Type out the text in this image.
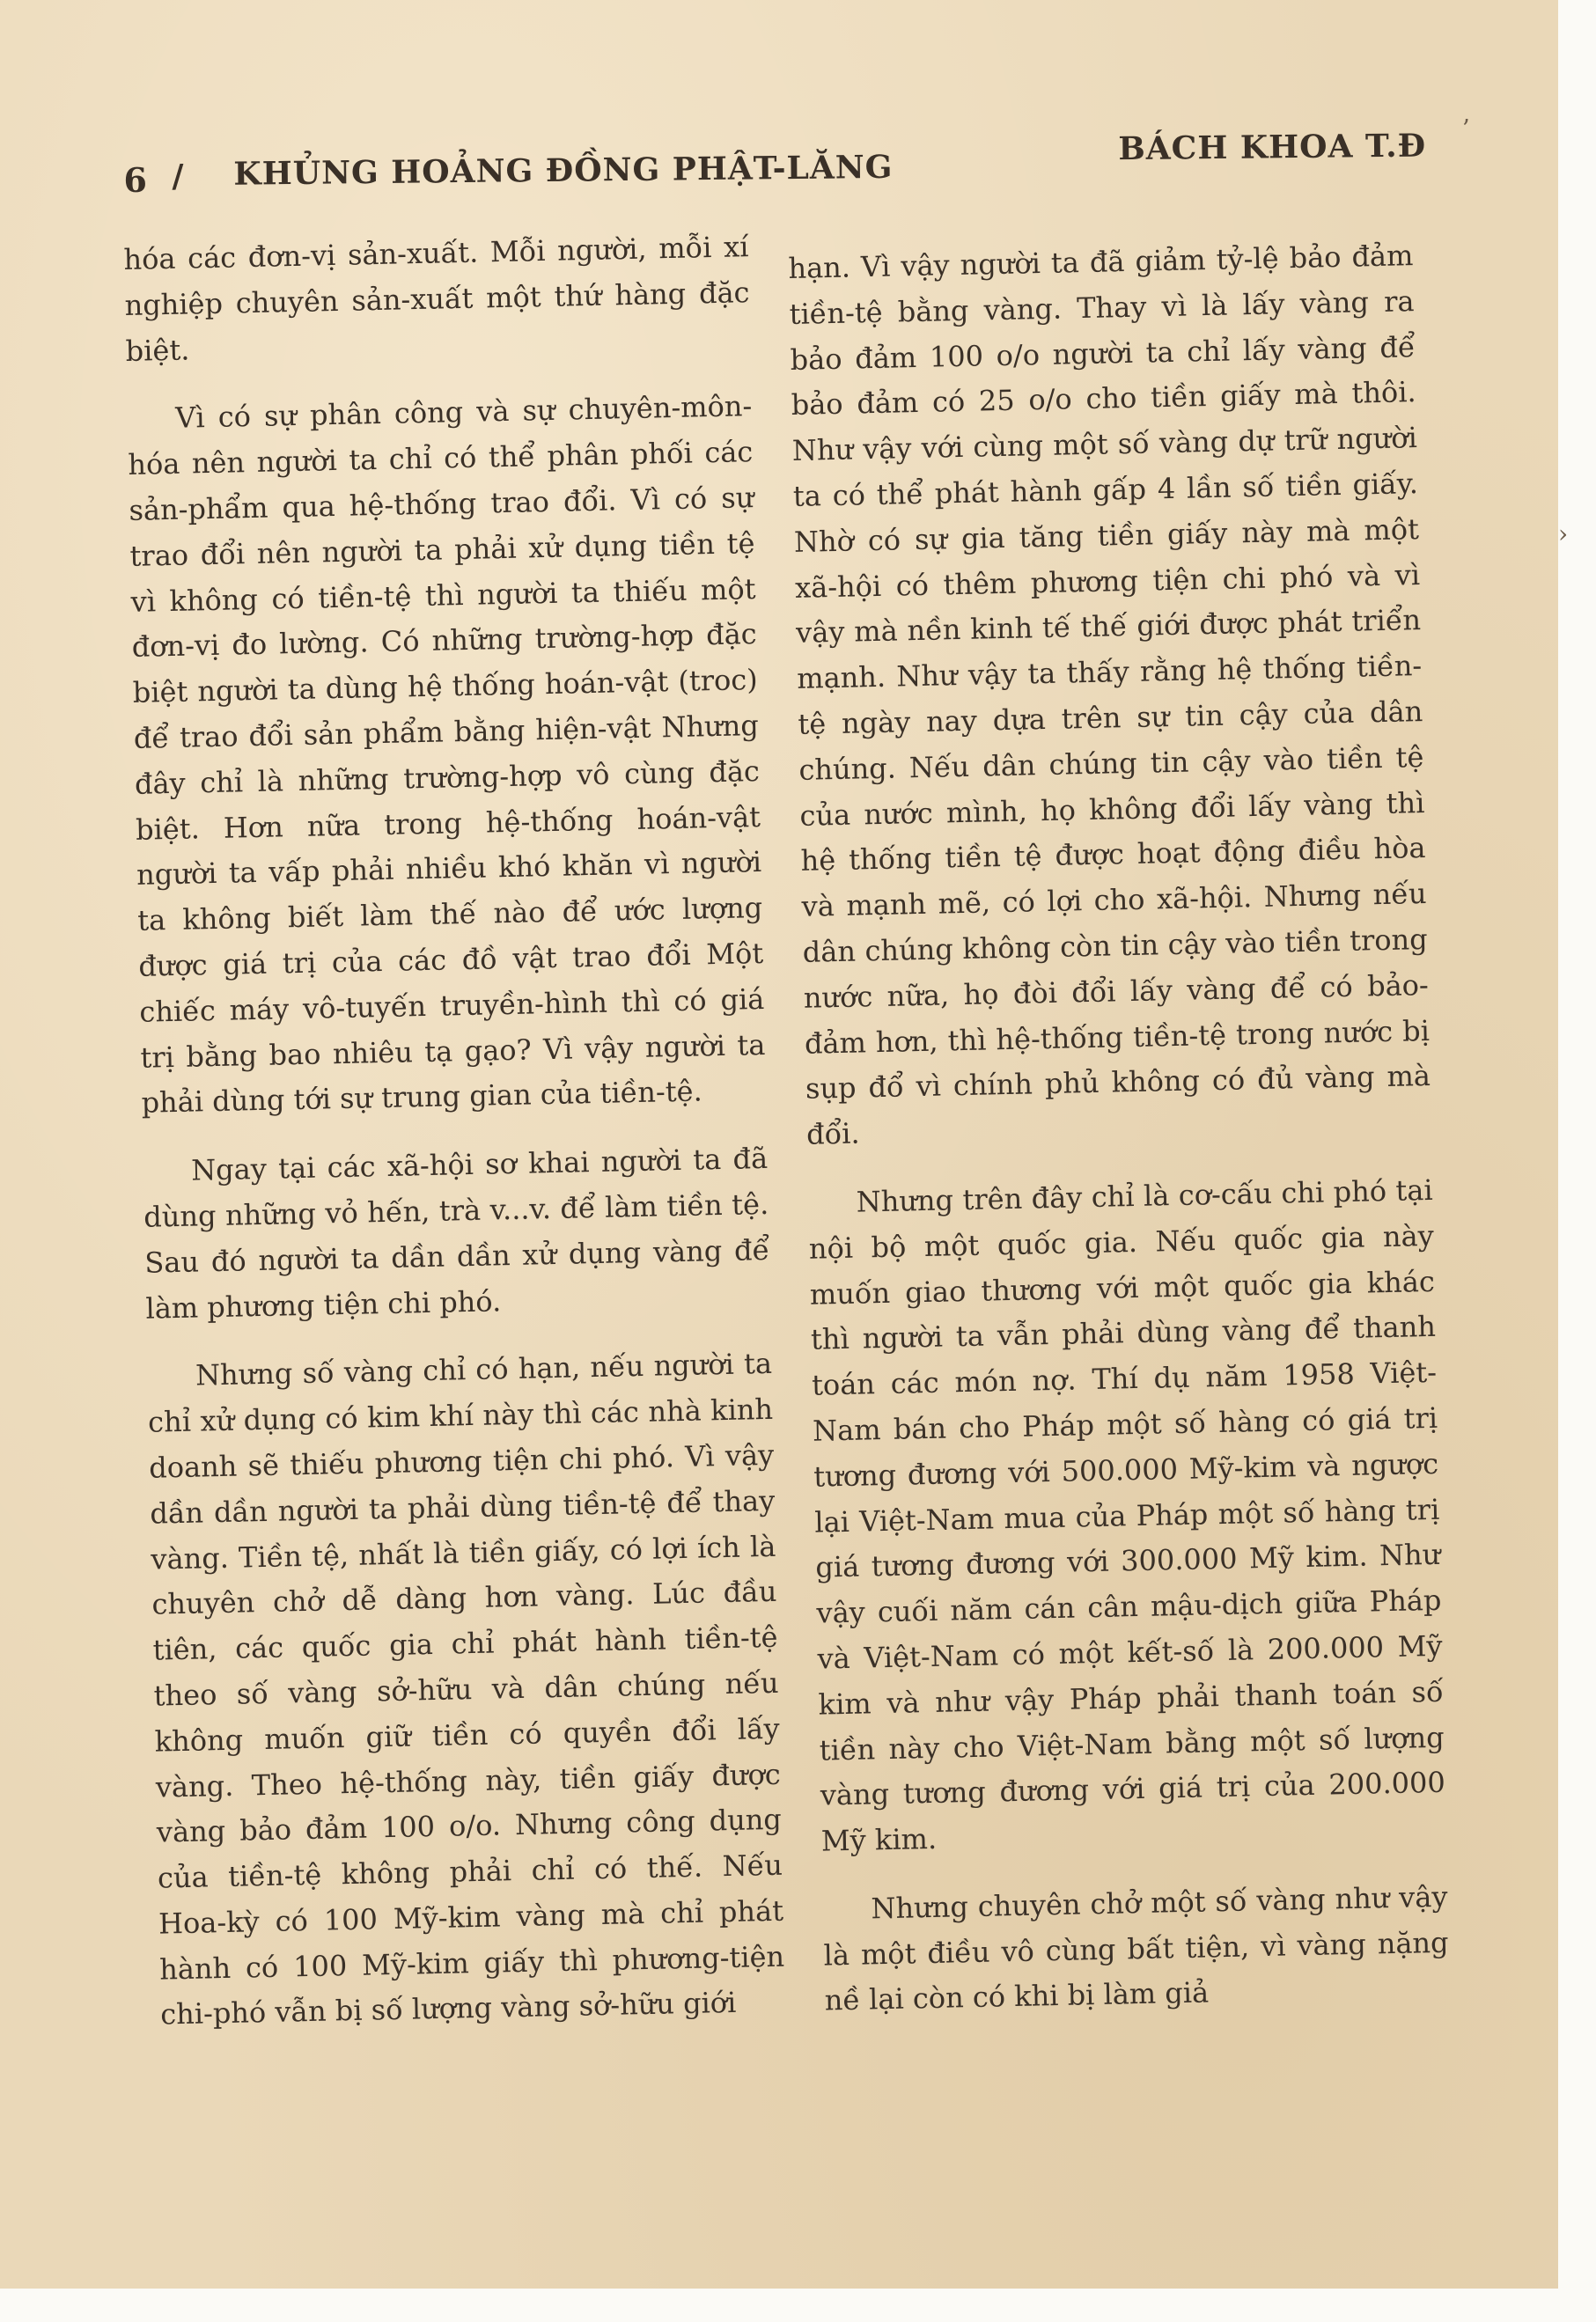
6 / KHỦNG HOẢNG ĐỒNG PHẬT-LĂNG
BÁCH KHOA T.Đ

hóa các đơn-vị sản-xuất. Mỗi người, mỗi xí nghiệp chuyên sản-xuất một thứ hàng đặc biệt.

Vì có sự phân công và sự chuyên-môn-hóa nên người ta chỉ có thể phân phối các sản-phẩm qua hệ-thống trao đổi. Vì có sự trao đổi nên người ta phải xử dụng tiền tệ vì không có tiền-tệ thì người ta thiếu một đơn-vị đo lường. Có những trường-hợp đặc biệt người ta dùng hệ thống hoán-vật (troc) để trao đổi sản phẩm bằng hiện-vật Nhưng đây chỉ là những trường-hợp vô cùng đặc biệt. Hơn nữa trong hệ-thống hoán-vật người ta vấp phải nhiều khó khăn vì người ta không biết làm thế nào để ước lượng được giá trị của các đồ vật trao đổi Một chiếc máy vô-tuyến truyền-hình thì có giá trị bằng bao nhiêu tạ gạo? Vì vậy người ta phải dùng tới sự trung gian của tiền-tệ.

Ngay tại các xã-hội sơ khai người ta đã dùng những vỏ hến, trà v...v. để làm tiền tệ. Sau đó người ta dần dần xử dụng vàng để làm phương tiện chi phó.

Nhưng số vàng chỉ có hạn, nếu người ta chỉ xử dụng có kim khí này thì các nhà kinh doanh sẽ thiếu phương tiện chi phó. Vì vậy dần dần người ta phải dùng tiền-tệ để thay vàng. Tiền tệ, nhất là tiền giấy, có lợi ích là chuyên chở dễ dàng hơn vàng. Lúc đầu tiên, các quốc gia chỉ phát hành tiền-tệ theo số vàng sở-hữu và dân chúng nếu không muốn giữ tiền có quyền đổi lấy vàng. Theo hệ-thống này, tiền giấy được vàng bảo đảm 100 o/o. Nhưng công dụng của tiền-tệ không phải chỉ có thế. Nếu Hoa-kỳ có 100 Mỹ-kim vàng mà chỉ phát hành có 100 Mỹ-kim giấy thì phương-tiện chi-phó vẫn bị số lượng vàng sở-hữu giới

hạn. Vì vậy người ta đã giảm tỷ-lệ bảo đảm tiền-tệ bằng vàng. Thay vì là lấy vàng ra bảo đảm 100 o/o người ta chỉ lấy vàng để bảo đảm có 25 o/o cho tiền giấy mà thôi. Như vậy với cùng một số vàng dự trữ người ta có thể phát hành gấp 4 lần số tiền giấy. Nhờ có sự gia tăng tiền giấy này mà một xã-hội có thêm phương tiện chi phó và vì vậy mà nền kinh tế thế giới được phát triển mạnh. Như vậy ta thấy rằng hệ thống tiền-tệ ngày nay dựa trên sự tin cậy của dân chúng. Nếu dân chúng tin cậy vào tiền tệ của nước mình, họ không đổi lấy vàng thì hệ thống tiền tệ được hoạt động điều hòa và mạnh mẽ, có lợi cho xã-hội. Nhưng nếu dân chúng không còn tin cậy vào tiền trong nước nữa, họ đòi đổi lấy vàng để có bảo-đảm hơn, thì hệ-thống tiền-tệ trong nước bị sụp đổ vì chính phủ không có đủ vàng mà đổi.

Nhưng trên đây chỉ là cơ-cấu chi phó tại nội bộ một quốc gia. Nếu quốc gia này muốn giao thương với một quốc gia khác thì người ta vẫn phải dùng vàng để thanh toán các món nợ. Thí dụ năm 1958 Việt-Nam bán cho Pháp một số hàng có giá trị tương đương với 500.000 Mỹ-kim và ngược lại Việt-Nam mua của Pháp một số hàng trị giá tương đương với 300.000 Mỹ kim. Như vậy cuối năm cán cân mậu-dịch giữa Pháp và Việt-Nam có một kết-số là 200.000 Mỹ kim và như vậy Pháp phải thanh toán số tiền này cho Việt-Nam bằng một số lượng vàng tương đương với giá trị của 200.000 Mỹ kim.

Nhưng chuyên chở một số vàng như vậy là một điều vô cùng bất tiện, vì vàng nặng nề lại còn có khi bị làm giả

ʼ
›
